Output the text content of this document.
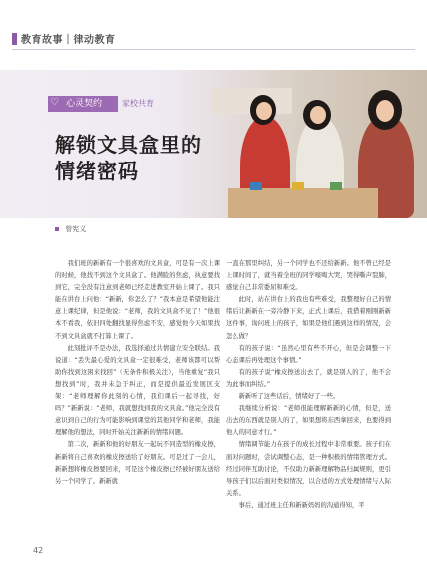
教育故事｜律动教育
♡ 心灵契约	家校共育
解锁文具盒里的
情绪密码
曾宪义

我们班的新新有一个很喜欢的文具盒，可是有一次上课的时候，他找不到这个文具盒了。他满脸的焦虑，执意要找到它，完全没有注意到老师已经走进教室开始上课了。我只能在讲台上问他：“新新，你怎么了？”我本意是希望他能注意上课纪律，但是他说：“老师，我的文具盒不见了！”他很本不看我，依旧四处翻找显得焦虑不安，感觉他今天如果找不到文具盒就不打算上课了。

此刻批评不是办法，我选择通过共情建立安全联结。我说道：“丢失最心爱的文具盒一定很难受，老师该都可以帮助你找到这困来找回”（无条件积极关注），当他重复“我只想找到”时，我并未急于纠正，而是提供最近发展区支架：“老师理解你此刻的心情，我们课后一起寻找，好吗？”新新说：“老师，我就想找到我的文具盒。”他完全没有意识到自己的行为可能影响到课堂的其他同学和老师，我能理解他的想法，同时开始关注新新的情绪问题。

第二次，新新和他的好朋友一起玩不同造型的橡皮擦，新新将自己喜欢的橡皮擦送给了好朋友。可是过了一会儿，新新想将橡皮擦要回来，可是这个橡皮擦已经被好朋友送给另一个同学了。新新就

一直在那里纠结，另一个同学也不还给新新。他不曾已经是上课时间了，就当着全班的同学嚎啕大哭，哭得嘶声裂肺，感觉自己非常委屈和难受。

此时，站在讲台上的我也有些难受，我整理好自己的情绪后让新新在一旁冷静下来，正式上课后，我借着刚刚新新这件事，询问班上的孩子，如果是他们遇到这样的情况，会怎么做？

有的孩子说：“虽然心里有些不开心，但是会调整一下心态课后再处理这个事情。”

有的孩子说“橡皮擦送出去了，就是别人的了，他不会为此事而纠结。”

新新听了这些话后，情绪好了一些。

我继续分析说：“老师很能理解新新的心情，但是，送出去的东西就是别人的了，如果想将东西拿回来，也要得到他人的同意才行。”

情绪调节能力在孩子的成长过程中非常重要。孩子们在面对问题时，尝试调整心态，是一种积极的情绪管理方式。经过同伴互助讨论，不仅助力新新理解物品归属规则，更引导孩子们以后面对类似情况，以合适的方式处理情绪与人际关系。

事后，通过班主任和新新妈妈的沟通得知，平

42
